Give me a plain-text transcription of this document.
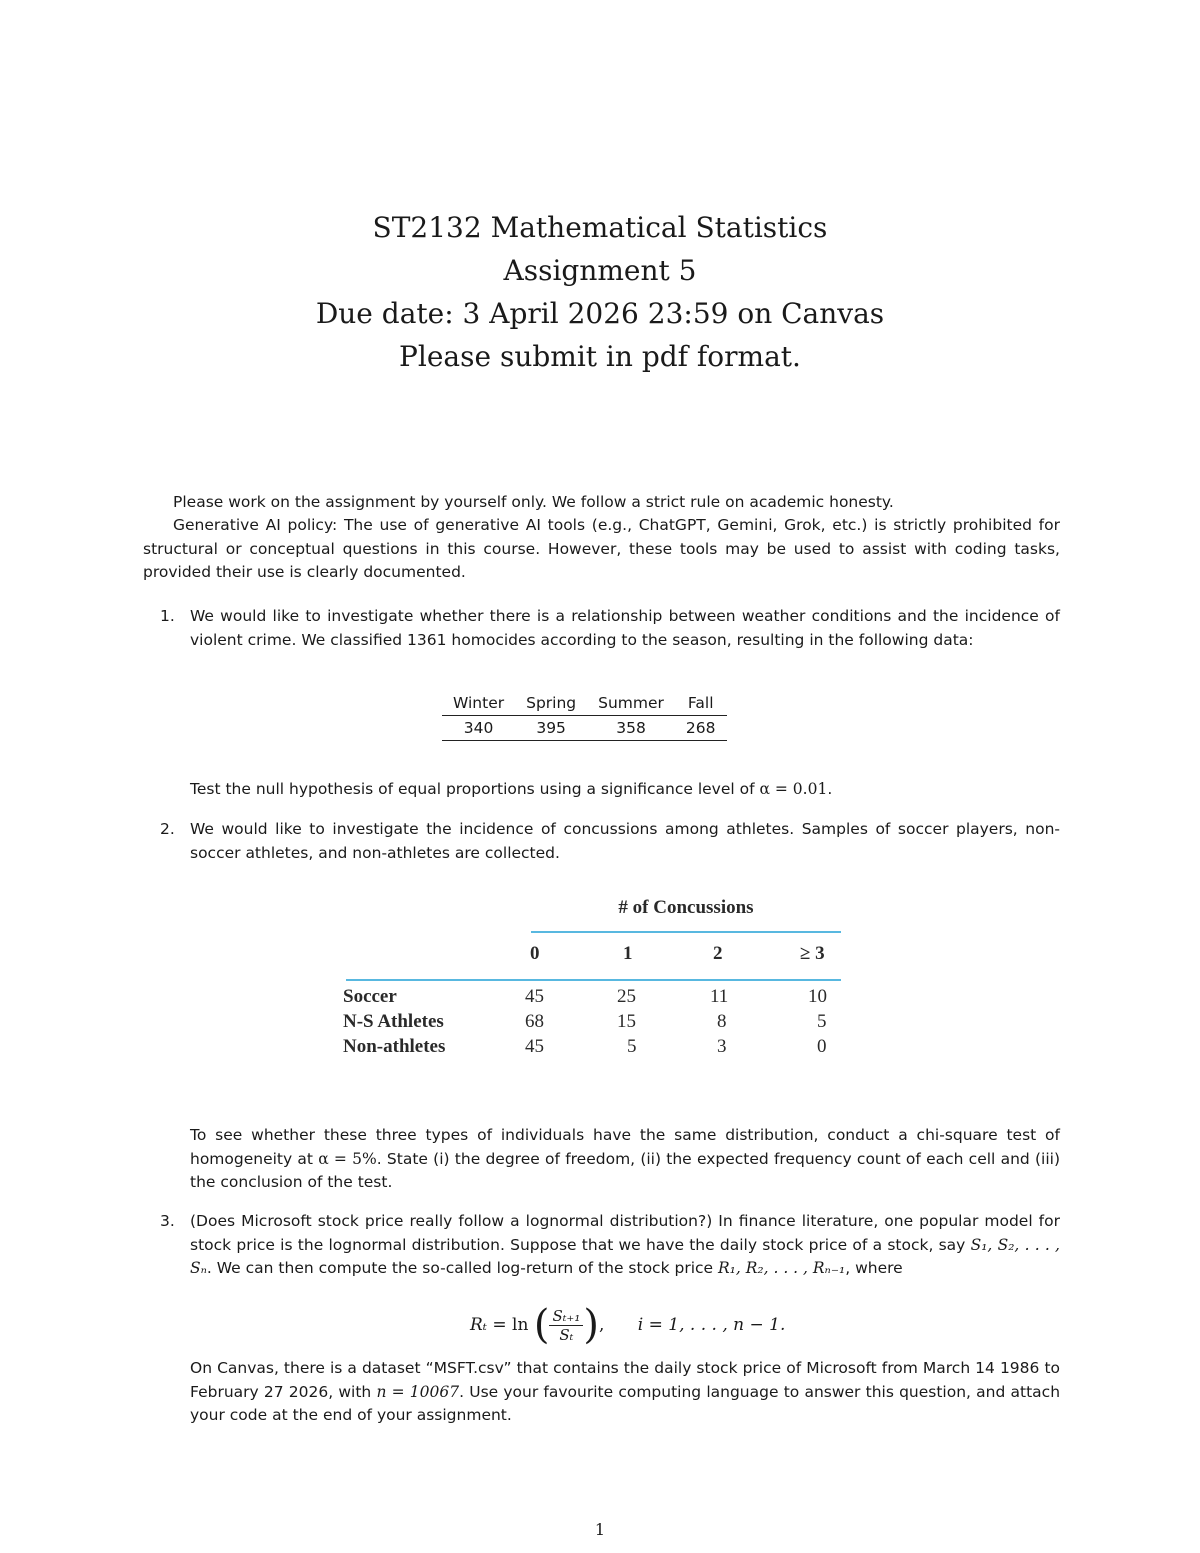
ST2132 Mathematical Statistics
Assignment 5
Due date: 3 April 2026 23:59 on Canvas
Please submit in pdf format.
Please work on the assignment by yourself only. We follow a strict rule on academic honesty.
Generative AI policy: The use of generative AI tools (e.g., ChatGPT, Gemini, Grok, etc.) is strictly prohibited for structural or conceptual questions in this course. However, these tools may be used to assist with coding tasks, provided their use is clearly documented.
1. We would like to investigate whether there is a relationship between weather conditions and the incidence of violent crime. We classified 1361 homocides according to the season, resulting in the following data:
Winter	Spring	Summer	Fall
340	395	358	268
Test the null hypothesis of equal proportions using a significance level of α = 0.01.
2. We would like to investigate the incidence of concussions among athletes. Samples of soccer players, non-soccer athletes, and non-athletes are collected.
# of Concussions
0	1	2	≥ 3
Soccer	45	25	11	10
N-S Athletes	68	15	8	5
Non-athletes	45	5	3	0
To see whether these three types of individuals have the same distribution, conduct a chi-square test of homogeneity at α = 5%. State (i) the degree of freedom, (ii) the expected frequency count of each cell and (iii) the conclusion of the test.
3. (Does Microsoft stock price really follow a lognormal distribution?) In finance literature, one popular model for stock price is the lognormal distribution. Suppose that we have the daily stock price of a stock, say S₁, S₂, . . . , Sₙ. We can then compute the so-called log-return of the stock price R₁, R₂, . . . , Rₙ₋₁, where
Rₜ = ln ( $\frac{\text{Sₜ₊₁}}{\text{Sₜ}}$ ), i = 1, . . . , n − 1.
On Canvas, there is a dataset “MSFT.csv” that contains the daily stock price of Microsoft from March 14 1986 to February 27 2026, with n = 10067. Use your favourite computing language to answer this question, and attach your code at the end of your assignment.
1
